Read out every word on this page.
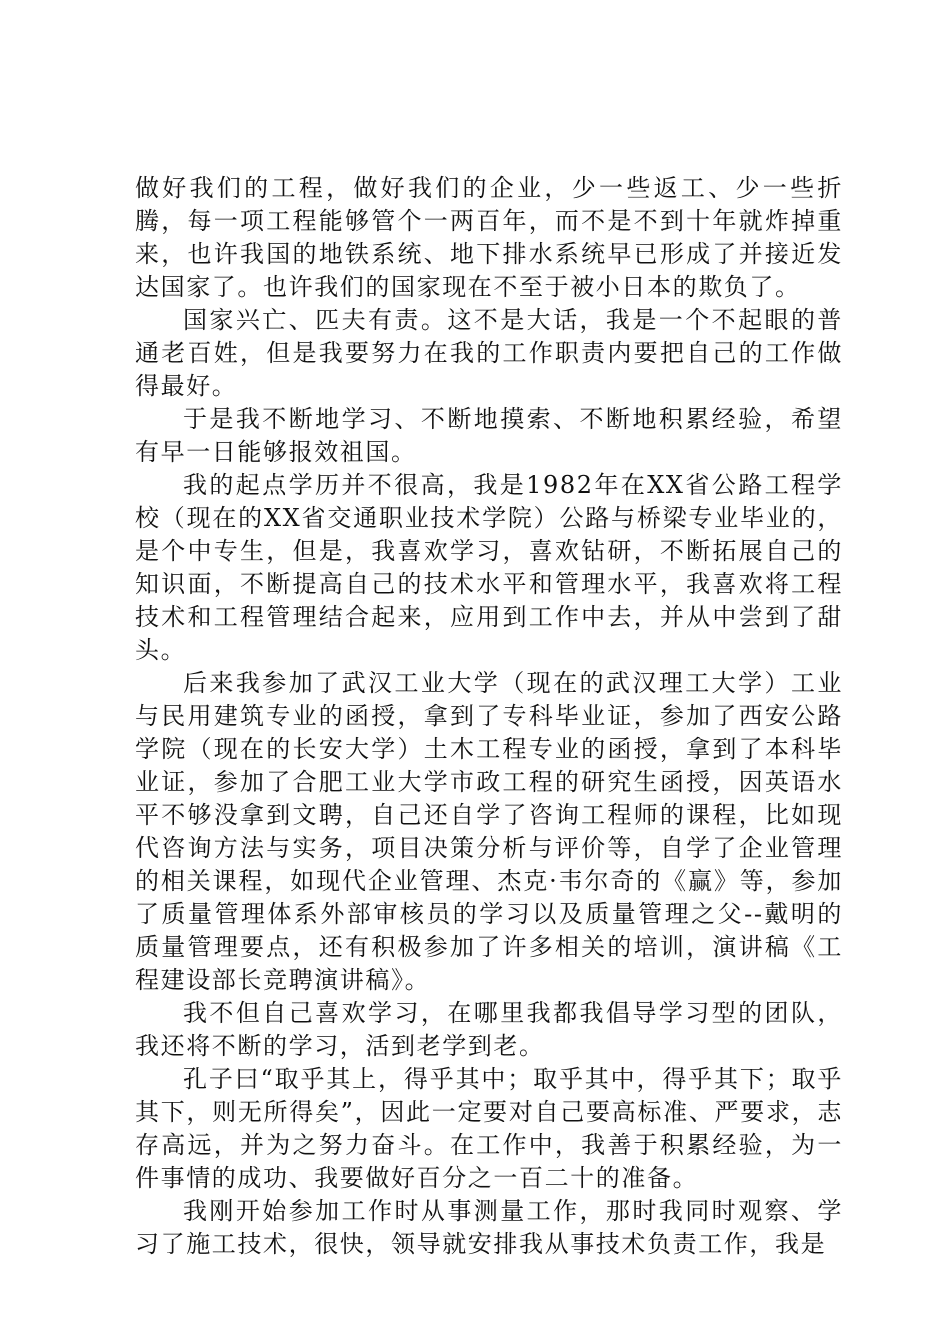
做好我们的工程，做好我们的企业，少一些返工、少一些折腾，每一项工程能够管个一两百年，而不是不到十年就炸掉重来，也许我国的地铁系统、地下排水系统早已形成了并接近发达国家了。也许我们的国家现在不至于被小日本的欺负了。

国家兴亡、匹夫有责。这不是大话，我是一个不起眼的普通老百姓，但是我要努力在我的工作职责内要把自己的工作做得最好。

于是我不断地学习、不断地摸索、不断地积累经验，希望有早一日能够报效祖国。

我的起点学历并不很高，我是1982年在XX省公路工程学校（现在的XX省交通职业技术学院）公路与桥梁专业毕业的，是个中专生，但是，我喜欢学习，喜欢钻研，不断拓展自己的知识面，不断提高自己的技术水平和管理水平，我喜欢将工程技术和工程管理结合起来，应用到工作中去，并从中尝到了甜头。

后来我参加了武汉工业大学（现在的武汉理工大学）工业与民用建筑专业的函授，拿到了专科毕业证，参加了西安公路学院（现在的长安大学）土木工程专业的函授，拿到了本科毕业证，参加了合肥工业大学市政工程的研究生函授，因英语水平不够没拿到文聘，自己还自学了咨询工程师的课程，比如现代咨询方法与实务，项目决策分析与评价等，自学了企业管理的相关课程，如现代企业管理、杰克·韦尔奇的《赢》等，参加了质量管理体系外部审核员的学习以及质量管理之父--戴明的质量管理要点，还有积极参加了许多相关的培训，演讲稿《工程建设部长竞聘演讲稿》。

我不但自己喜欢学习，在哪里我都我倡导学习型的团队，我还将不断的学习，活到老学到老。

孔子曰“取乎其上，得乎其中；取乎其中，得乎其下；取乎其下，则无所得矣”，因此一定要对自己要高标准、严要求，志存高远，并为之努力奋斗。在工作中，我善于积累经验，为一件事情的成功、我要做好百分之一百二十的准备。

我刚开始参加工作时从事测量工作，那时我同时观察、学习了施工技术，很快，领导就安排我从事技术负责工作，我是
